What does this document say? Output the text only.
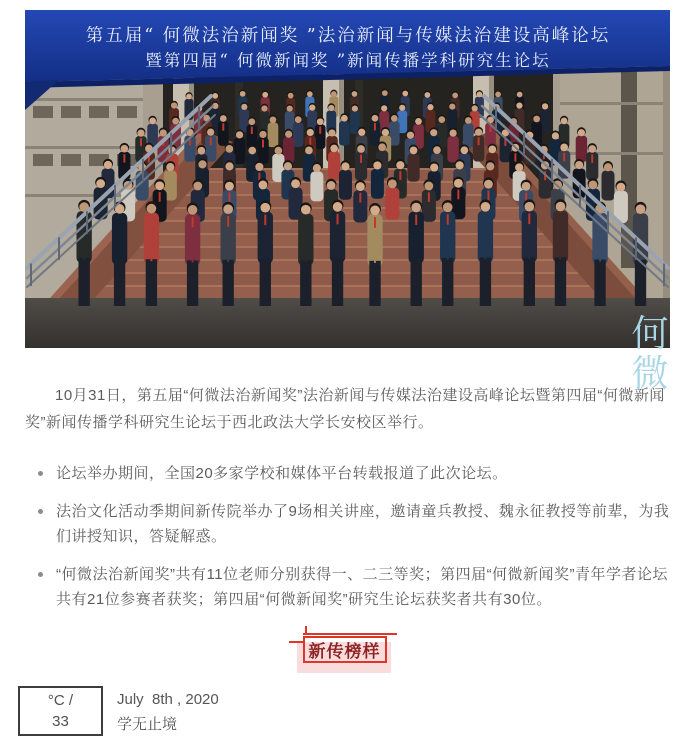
第五届“ 何微法治新闻奖 ”法治新闻与传媒法治建设高峰论坛
暨第四届“ 何微新闻奖 ”新闻传播学科研究生论坛
何
微

10月31日，第五届“何微法治新闻奖”法治新闻与传媒法治建设高峰论坛暨第四届“何微新闻奖”新闻传播学科研究生论坛于西北政法大学长安校区举行。

论坛举办期间，全国20多家学校和媒体平台转载报道了此次论坛。
法治文化活动季期间新传院举办了9场相关讲座，邀请童兵教授、魏永征教授等前辈，为我们讲授知识，答疑解惑。
“何微法治新闻奖”共有11位老师分别获得一、二三等奖；第四届“何微新闻奖”青年学者论坛共有21位参赛者获奖；第四届“何微新闻奖”研究生论坛获奖者共有30位。
新传榜样
°C /
33
July  8th , 2020
学无止境
